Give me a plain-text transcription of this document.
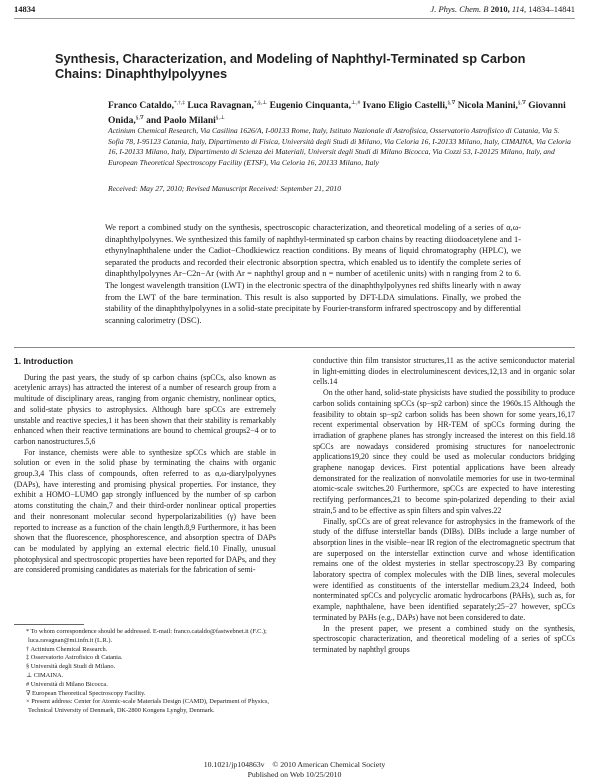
14834	J. Phys. Chem. B 2010, 114, 14834–14841
Synthesis, Characterization, and Modeling of Naphthyl-Terminated sp Carbon Chains: Dinaphthylpolyynes
Franco Cataldo,*,†,‡ Luca Ravagnan,*,§,⊥ Eugenio Cinquanta,⊥,# Ivano Eligio Castelli,§,∇ Nicola Manini,§,∇ Giovanni Onida,§,∇ and Paolo Milani§,⊥
Actinium Chemical Research, Via Casilina 1626/A, I-00133 Rome, Italy, Istituto Nazionale di Astrofisica, Osservatorio Astrofisico di Catania, Via S. Sofia 78, I-95123 Catania, Italy, Dipartimento di Fisica, Università degli Studi di Milano, Via Celoria 16, I-20133 Milano, Italy, CIMAINA, Via Celoria 16, I-20133 Milano, Italy, Dipartimento di Scienza dei Materiali, Universit degli Studi di Milano Bicocca, Via Cozzi 53, I-20125 Milano, Italy, and European Theoretical Spectroscopy Facility (ETSF), Via Celoria 16, 20133 Milano, Italy
Received: May 27, 2010; Revised Manuscript Received: September 21, 2010
We report a combined study on the synthesis, spectroscopic characterization, and theoretical modeling of a series of α,ω-dinaphthylpolyynes. We synthesized this family of naphthyl-terminated sp carbon chains by reacting diiodoacetylene and 1-ethynylnaphthalene under the Cadiot−Chodkiewicz reaction conditions. By means of liquid chromatography (HPLC), we separated the products and recorded their electronic absorption spectra, which enabled us to identify the complete series of dinaphthylpolyynes Ar−C2n−Ar (with Ar = naphthyl group and n = number of acetilenic units) with n ranging from 2 to 6. The longest wavelength transition (LWT) in the electronic spectra of the dinaphthylpolyynes red shifts linearly with n away from the LWT of the bare termination. This result is also supported by DFT-LDA simulations. Finally, we probed the stability of the dinaphthylpolyynes in a solid-state precipitate by Fourier-transform infrared spectroscopy and by differential scanning calorimetry (DSC).
1. Introduction

During the past years, the study of sp carbon chains (spCCs, also known as acetylenic arrays) has attracted the interest of a number of research group from a multitude of disciplinary areas, ranging from organic chemistry, nonlinear optics, and solid-state physics to astrophysics. Although bare spCCs are extremely unstable and reactive species,1 it has been shown that their stability is remarkably enhanced when their reactive terminations are bound to chemical groups2−4 or to carbon nanostructures.5,6

For instance, chemists were able to synthesize spCCs which are stable in solution or even in the solid phase by terminating the chains with organic group.3,4 This class of compounds, often referred to as α,ω-diarylpolyynes (DAPs), have interesting and promising physical properties. For instance, they exhibit a HOMO−LUMO gap strongly influenced by the number of sp carbon atoms constituting the chain,7 and their third-order nonlinear optical properties and their nonresonant molecular second hyperpolarizabilities (γ) have been reported to increase as a function of the chain length.8,9 Furthermore, it has been shown that the fluorescence, phosphorescence, and absorption spectra of DAPs can be modulated by applying an external electric field.10 Finally, unusual photophysical and spectroscopic properties have been reported for DAPs, and they are considered promising candidates as materials for the fabrication of semi-

conductive thin film transistor structures,11 as the active semiconductor material in light-emitting diodes in electroluminescent devices,12,13 and in organic solar cells.14

On the other hand, solid-state physicists have studied the possibility to produce carbon solids containing spCCs (sp−sp2 carbon) since the 1960s.15 Although the feasibility to obtain sp−sp2 carbon solids has been shown for some years,16,17 recent experimental observation by HR-TEM of spCCs forming during the irradiation of graphene planes has strongly increased the interest on this field.18 spCCs are nowadays considered promising structures for nanoelectronic applications19,20 since they could be used as molecular conductors bridging graphene nanogap devices. First potential applications have been already demonstrated for the realization of nonvolatile memories for use in two-terminal atomic-scale switches.20 Furthermore, spCCs are expected to have interesting rectifying performances,21 to become spin-polarized depending to their axial strain,5 and to be effective as spin filters and spin valves.22

Finally, spCCs are of great relevance for astrophysics in the framework of the study of the diffuse interstellar bands (DIBs). DIBs include a large number of absorption lines in the visible−near IR region of the electromagnetic spectrum that are superposed on the interstellar extinction curve and whose identification remains one of the oldest mysteries in stellar spectroscopy.23 By comparing laboratory spectra of complex molecules with the DIB lines, several molecules were identified as constituents of the interstellar medium.23,24 Indeed, both nonterminated spCCs and polycyclic aromatic hydrocarbons (PAHs), such as, for example, naphthalene, have been identified separately;25−27 however, spCCs terminated by PAHs (e.g., DAPs) have not been considered to date.

In the present paper, we present a combined study on the synthesis, spectroscopic characterization, and theoretical modeling of a series of spCCs terminated by naphthyl groups

* To whom correspondence should be addressed. E-mail: franco.cataldo@fastwebnet.it (F.C.); luca.ravagnan@mi.infn.it (L.R.).
† Actinium Chemical Research.
‡ Osservatorio Astrofisico di Catania.
§ Università degli Studi di Milano.
⊥ CIMAINA.
# Università di Milano Bicocca.
∇ European Theoretical Spectroscopy Facility.
× Present address: Center for Atomic-scale Materials Design (CAMD), Department of Physics, Technical University of Denmark, DK-2800 Kongens Lyngby, Denmark.
10.1021/jp104863v © 2010 American Chemical Society
Published on Web 10/25/2010
